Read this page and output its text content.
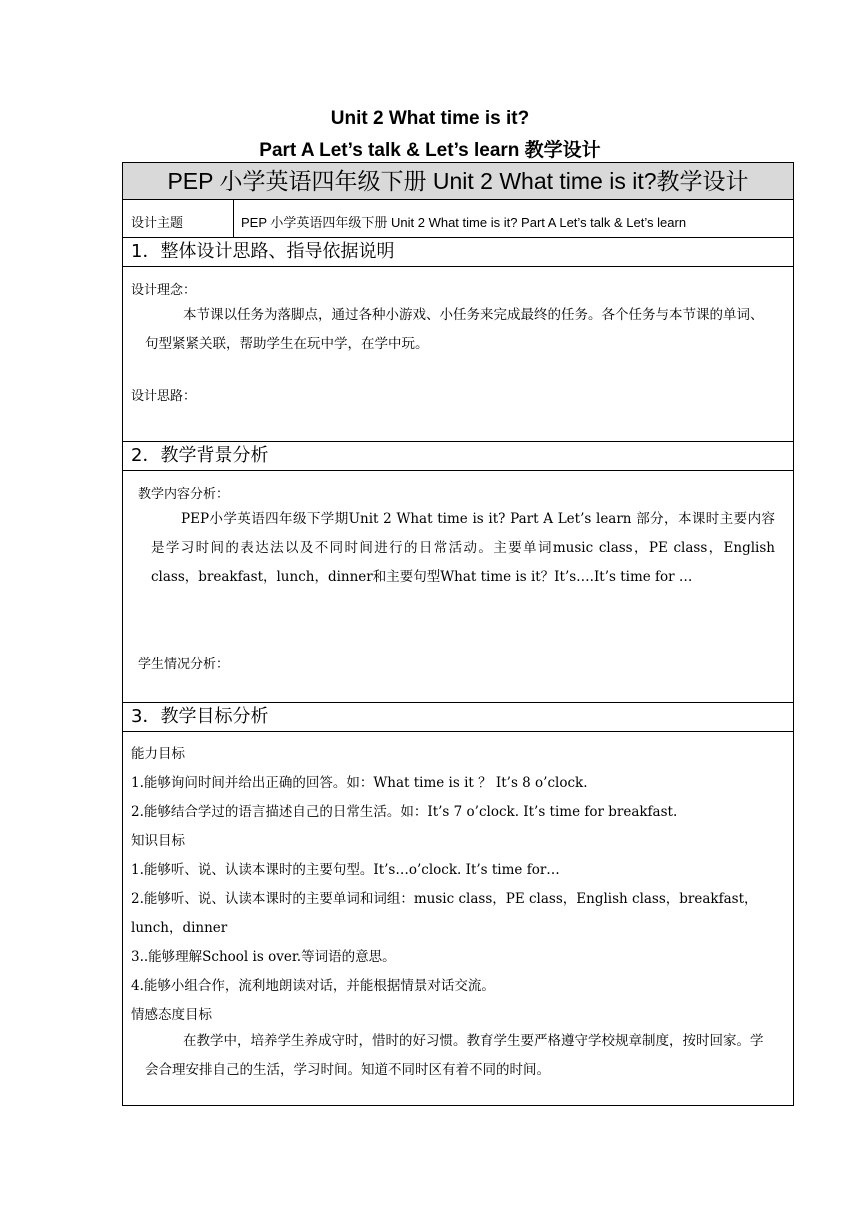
Unit 2 What time is it?
Part A Let’s talk & Let’s learn 教学设计
PEP 小学英语四年级下册 Unit 2 What time is it?教学设计
设计主题	PEP 小学英语四年级下册 Unit 2 What time is it? Part A Let’s talk & Let’s learn
1．整体设计思路、指导依据说明
设计理念：
本节课以任务为落脚点，通过各种小游戏、小任务来完成最终的任务。各个任务与本节课的单词、句型紧紧关联，帮助学生在玩中学，在学中玩。
设计思路：
2．教学背景分析
教学内容分析：
PEP小学英语四年级下学期Unit 2 What time is it? Part A Let’s learn 部分，本课时主要内容是学习时间的表达法以及不同时间进行的日常活动。主要单词music class，PE class，English class，breakfast，lunch，dinner和主要句型What time is it？It’s….It’s time for …
学生情况分析：
3．教学目标分析
能力目标
1.能够询问时间并给出正确的回答。如：What time is it ？ It’s 8 o’clock.
2.能够结合学过的语言描述自己的日常生活。如：It’s 7 o’clock. It’s time for breakfast.
知识目标
1.能够听、说、认读本课时的主要句型。It’s…o’clock. It’s time for…
2.能够听、说、认读本课时的主要单词和词组：music class，PE class，English class，breakfast，
lunch，dinner
3..能够理解School is over.等词语的意思。
4.能够小组合作，流利地朗读对话，并能根据情景对话交流。
情感态度目标
在教学中，培养学生养成守时，惜时的好习惯。教育学生要严格遵守学校规章制度，按时回家。学会合理安排自己的生活，学习时间。知道不同时区有着不同的时间。
